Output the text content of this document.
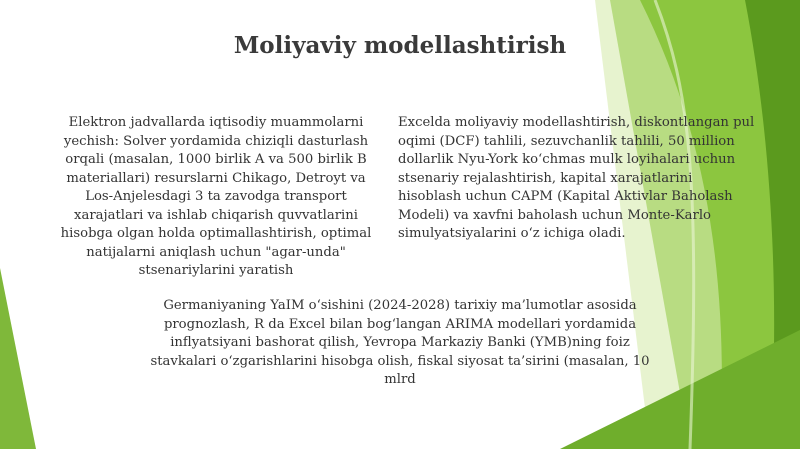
Moliyaviy modellashtirish
Elektron jadvallarda iqtisodiy muammolarni yechish: Solver yordamida chiziqli dasturlash orqali (masalan, 1000 birlik A va 500 birlik B materiallari) resurslarni Chikago, Detroyt va Los-Anjelesdagi 3 ta zavodga transport xarajatlari va ishlab chiqarish quvvatlarini hisobga olgan holda optimallashtirish, optimal natijalarni aniqlash uchun "agar-unda" stsenariylarini yaratish
Excelda moliyaviy modellashtirish, diskontlangan pul oqimi (DCF) tahlili, sezuvchanlik tahlili, 50 million dollarlik Nyu-York ko‘chmas mulk loyihalari uchun stsenariy rejalashtirish, kapital xarajatlarini hisoblash uchun CAPM (Kapital Aktivlar Baholash Modeli) va xavfni baholash uchun Monte-Karlo simulyatsiyalarini o‘z ichiga oladi.
Germaniyaning YaIM o‘sishini (2024-2028) tarixiy ma’lumotlar asosida prognozlash, R da Excel bilan bog‘langan ARIMA modellari yordamida inflyatsiyani bashorat qilish, Yevropa Markaziy Banki (YMB)ning foiz stavkalari o‘zgarishlarini hisobga olish, fiskal siyosat ta’sirini (masalan, 10 mlrd
